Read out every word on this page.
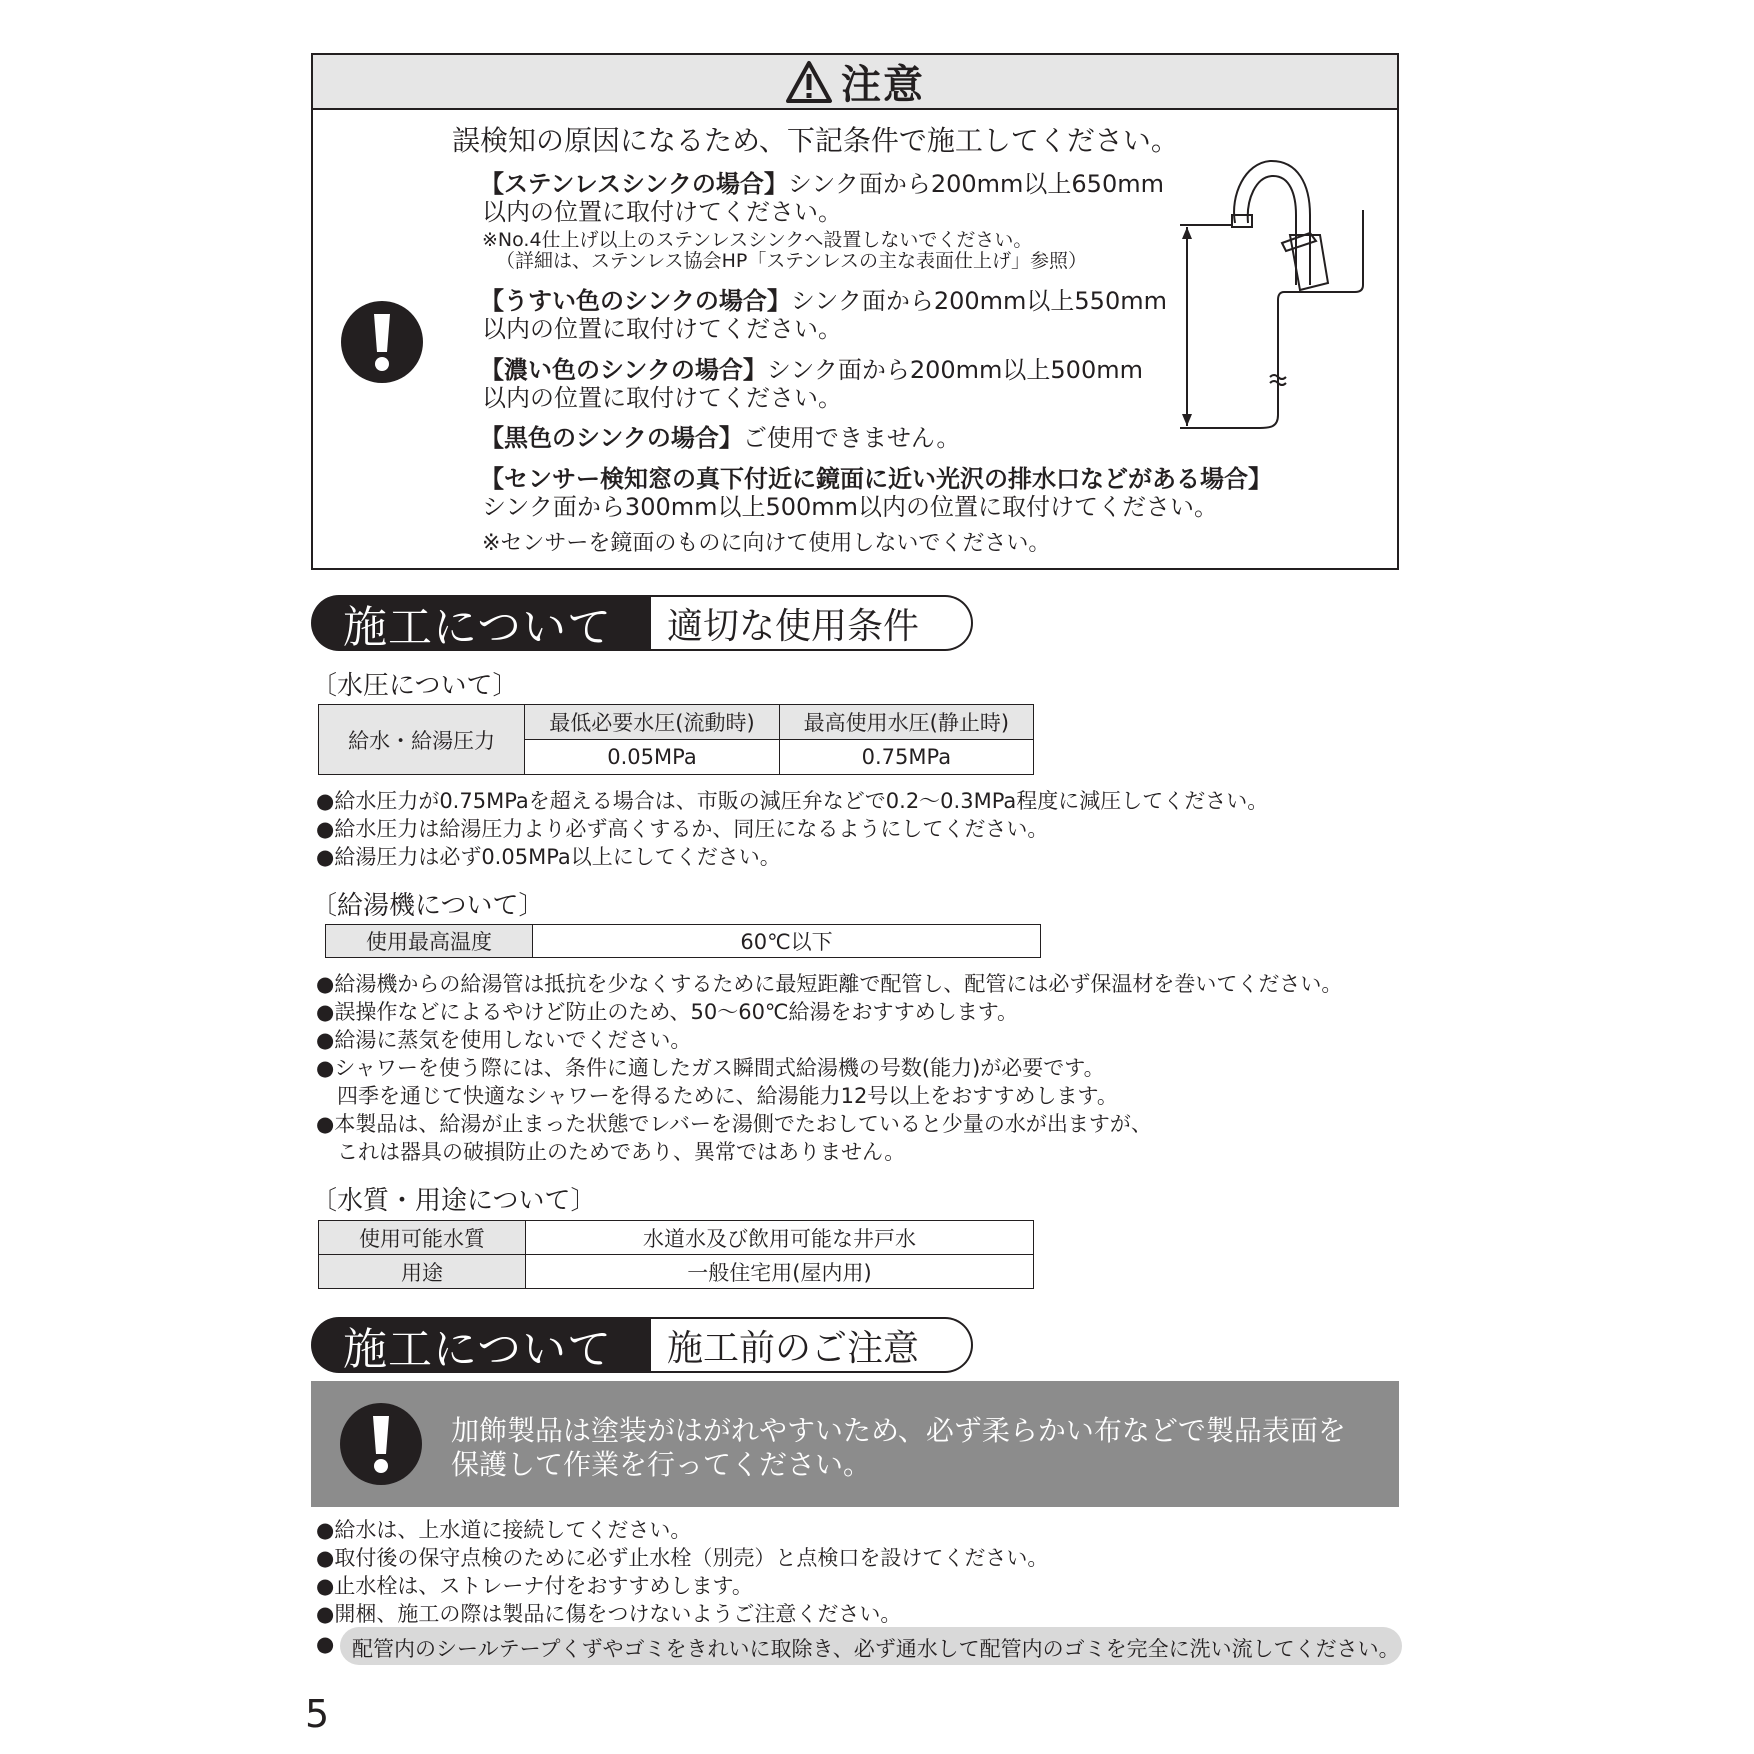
注意
誤検知の原因になるため、下記条件で施工してください。
【ステンレスシンクの場合】シンク面から200mm以上650mm
以内の位置に取付けてください。
※No.4仕上げ以上のステンレスシンクへ設置しないでください。
（詳細は、ステンレス協会HP「ステンレスの主な表面仕上げ」参照）
【うすい色のシンクの場合】シンク面から200mm以上550mm
以内の位置に取付けてください。
【濃い色のシンクの場合】シンク面から200mm以上500mm
以内の位置に取付けてください。
【黒色のシンクの場合】ご使用できません。
【センサー検知窓の真下付近に鏡面に近い光沢の排水口などがある場合】
シンク面から300mm以上500mm以内の位置に取付けてください。
※センサーを鏡面のものに向けて使用しないでください。
施工について	適切な使用条件
〔水圧について〕
給水・給湯圧力	最低必要水圧(流動時)	最高使用水圧(静止時)
	0.05MPa	0.75MPa
●給水圧力が0.75MPaを超える場合は、市販の減圧弁などで0.2〜0.3MPa程度に減圧してください。
●給水圧力は給湯圧力より必ず高くするか、同圧になるようにしてください。
●給湯圧力は必ず0.05MPa以上にしてください。
〔給湯機について〕
使用最高温度	60℃以下
●給湯機からの給湯管は抵抗を少なくするために最短距離で配管し、配管には必ず保温材を巻いてください。
●誤操作などによるやけど防止のため、50〜60℃給湯をおすすめします。
●給湯に蒸気を使用しないでください。
●シャワーを使う際には、条件に適したガス瞬間式給湯機の号数(能力)が必要です。
　四季を通じて快適なシャワーを得るために、給湯能力12号以上をおすすめします。
●本製品は、給湯が止まった状態でレバーを湯側でたおしていると少量の水が出ますが、
　これは器具の破損防止のためであり、異常ではありません。
〔水質・用途について〕
使用可能水質	水道水及び飲用可能な井戸水
用途	一般住宅用(屋内用)
施工について	施工前のご注意
加飾製品は塗装がはがれやすいため、必ず柔らかい布などで製品表面を
保護して作業を行ってください。
●給水は、上水道に接続してください。
●取付後の保守点検のために必ず止水栓（別売）と点検口を設けてください。
●止水栓は、ストレーナ付をおすすめします。
●開梱、施工の際は製品に傷をつけないようご注意ください。
● 配管内のシールテープくずやゴミをきれいに取除き、必ず通水して配管内のゴミを完全に洗い流してください。
5
